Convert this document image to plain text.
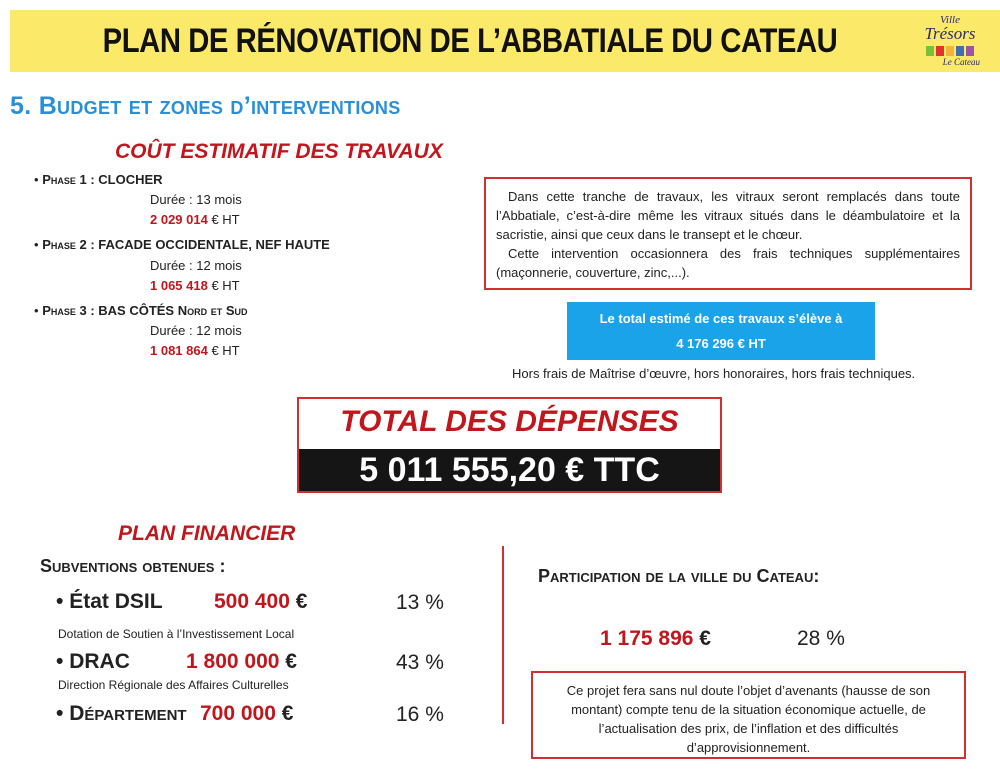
PLAN DE RÉNOVATION DE L’ABBATIALE DU CATEAU
Ville
Trésors
Le Cateau
5. Budget et zones d’interventions
COÛT ESTIMATIF DES TRAVAUX
• Phase 1 : CLOCHER
Durée : 13 mois
2 029 014 € HT
• Phase 2 : FACADE OCCIDENTALE, NEF HAUTE
Durée : 12 mois
1 065 418 € HT
• Phase 3 : BAS CÔTÉS Nord et Sud
Durée : 12 mois
1 081 864 € HT

Dans cette tranche de travaux, les vitraux seront remplacés dans toute l’Abbatiale, c’est-à-dire même les vitraux situés dans le déambulatoire et la sacristie, ainsi que ceux dans le transept et le chœur.

Cette intervention occasionnera des frais techniques supplémentaires (maçonnerie, couverture, zinc,...).

Le total estimé de ces travaux s’élève à
4 176 296 € HT
Hors frais de Maîtrise d’œuvre, hors honoraires, hors frais techniques.
TOTAL DES DÉPENSES
5 011 555,20 € TTC
PLAN FINANCIER
Subventions obtenues :
• État DSIL 500 400 €	13 %
Dotation de Soutien à l’Investissement Local
• DRAC	1 800 000 €	43 %
Direction Régionale des Affaires Culturelles
• Département 700 000 €	16 %
Participation de la ville du Cateau:
1 175 896 €	28 %
Ce projet fera sans nul doute l’objet d’avenants (hausse de son montant) compte tenu de la situation économique actuelle, de l’actualisation des prix, de l’inflation et des difficultés d’approvisionnement.
